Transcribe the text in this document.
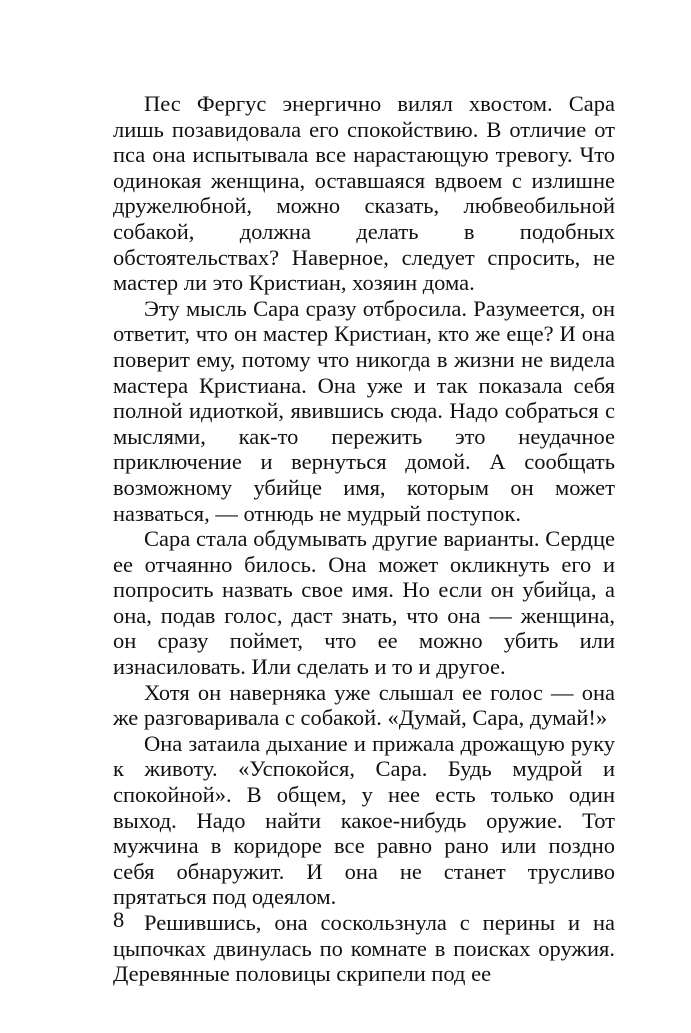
Пес Фергус энергично вилял хвостом. Сара лишь позавидовала его спокойствию. В отличие от пса она испытывала все нарастающую тревогу. Что одинокая женщина, оставшаяся вдвоем с излишне дружелюбной, можно сказать, любвеобильной собакой, должна делать в подобных обстоятельствах? Наверное, следует спросить, не мастер ли это Кристиан, хозяин дома.

Эту мысль Сара сразу отбросила. Разумеется, он ответит, что он мастер Кристиан, кто же еще? И она поверит ему, потому что никогда в жизни не видела мастера Кристиана. Она уже и так показала себя полной идиоткой, явившись сюда. Надо собраться с мыслями, как-то пережить это неудачное приключение и вернуться домой. А сообщать возможному убийце имя, которым он может назваться, — отнюдь не мудрый поступок.

Сара стала обдумывать другие варианты. Сердце ее отчаянно билось. Она может окликнуть его и попросить назвать свое имя. Но если он убийца, а она, подав голос, даст знать, что она — женщина, он сразу поймет, что ее можно убить или изнасиловать. Или сделать и то и другое.

Хотя он наверняка уже слышал ее голос — она же разговаривала с собакой. «Думай, Сара, думай!»

Она затаила дыхание и прижала дрожащую руку к животу. «Успокойся, Сара. Будь мудрой и спокойной». В общем, у нее есть только один выход. Надо найти какое-нибудь оружие. Тот мужчина в коридоре все равно рано или поздно себя обнаружит. И она не станет трусливо прятаться под одеялом.

Решившись, она соскользнула с перины и на цыпочках двинулась по комнате в поисках оружия. Деревянные половицы скрипели под ее

8
